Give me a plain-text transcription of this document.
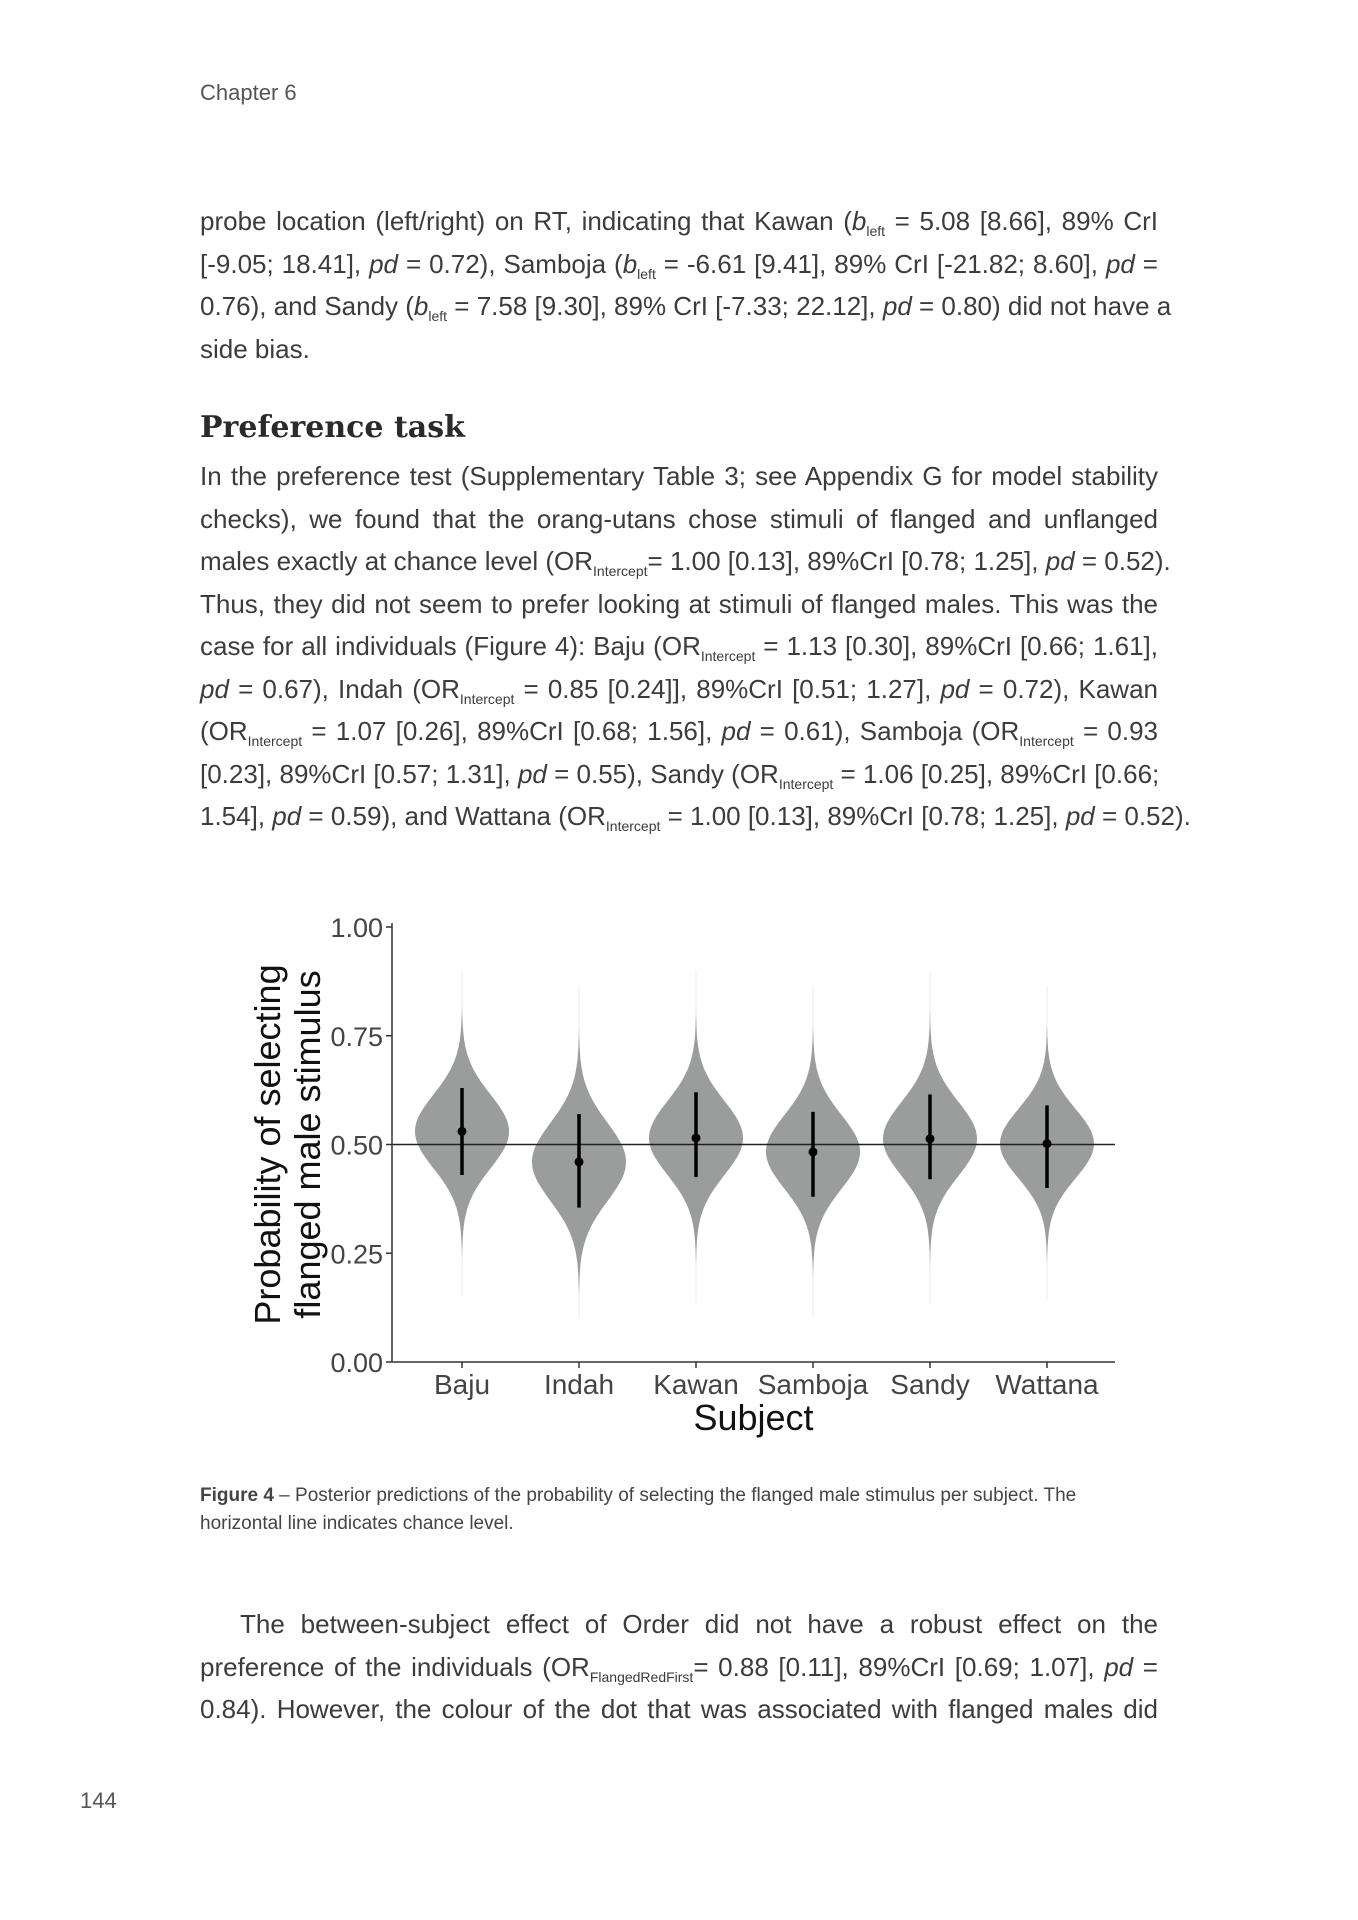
Chapter 6
probe location (left/right) on RT, indicating that Kawan ($b_{left} = 5.08$ [8.66], 89% CrI
[-9.05; 18.41], pd = 0.72), Samboja ($b_{left} = -6.61$ [9.41], 89% CrI [-21.82; 8.60], pd =
0.76), and Sandy ($b_{left} = 7.58$ [9.30], 89% CrI [-7.33; 22.12], pd = 0.80) did not have a
side bias.
Preference task
In the preference test (Supplementary Table 3; see Appendix G for model stability
checks), we found that the orang-utans chose stimuli of flanged and unflanged
males exactly at chance level ($OR_{Intercept}= 1.00$ [0.13], 89%CrI [0.78; 1.25], pd = 0.52).
Thus, they did not seem to prefer looking at stimuli of flanged males. This was the
case for all individuals (Figure 4): Baju ($OR_{Intercept} = 1.13$ [0.30], 89%CrI [0.66; 1.61],
pd = 0.67), Indah ($OR_{Intercept} = 0.85$ [0.24]], 89%CrI [0.51; 1.27], pd = 0.72), Kawan
($OR_{Intercept} = 1.07$ [0.26], 89%CrI [0.68; 1.56], pd = 0.61), Samboja ($OR_{Intercept} = 0.93$
[0.23], 89%CrI [0.57; 1.31], pd = 0.55), Sandy ($OR_{Intercept} = 1.06$ [0.25], 89%CrI [0.66;
1.54], pd = 0.59), and Wattana ($OR_{Intercept} = 1.00$ [0.13], 89%CrI [0.78; 1.25], pd = 0.52).
0.00
0.25
0.50
0.75
1.00
Baju Indah Kawan Samboja Sandy Wattana
Probability of selecting flanged male stimulus
Subject
Figure 4 – Posterior predictions of the probability of selecting the flanged male stimulus per subject. The horizontal line indicates chance level.
The between-subject effect of Order did not have a robust effect on the
preference of the individuals ($OR_{FlangedRedFirst}= 0.88$ [0.11], 89%CrI [0.69; 1.07], pd =
0.84). However, the colour of the dot that was associated with flanged males did
144
